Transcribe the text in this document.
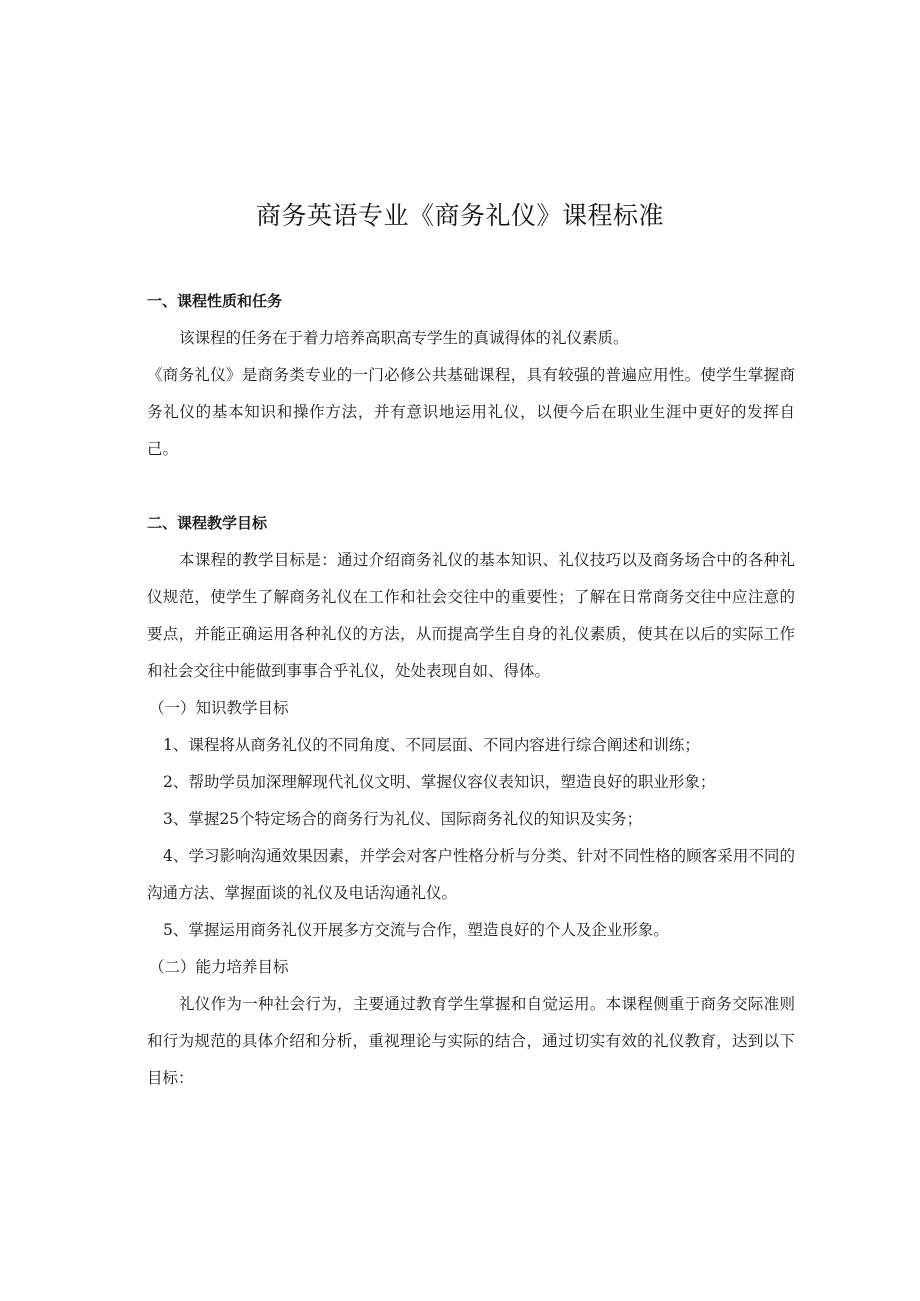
商务英语专业《商务礼仪》课程标准

一、课程性质和任务

该课程的任务在于着力培养高职高专学生的真诚得体的礼仪素质。

《商务礼仪》是商务类专业的一门必修公共基础课程，具有较强的普遍应用性。使学生掌握商务礼仪的基本知识和操作方法，并有意识地运用礼仪，以便今后在职业生涯中更好的发挥自己。

二、课程教学目标

本课程的教学目标是：通过介绍商务礼仪的基本知识、礼仪技巧以及商务场合中的各种礼仪规范，使学生了解商务礼仪在工作和社会交往中的重要性；了解在日常商务交往中应注意的要点，并能正确运用各种礼仪的方法，从而提高学生自身的礼仪素质，使其在以后的实际工作和社会交往中能做到事事合乎礼仪，处处表现自如、得体。

（一）知识教学目标

1、课程将从商务礼仪的不同角度、不同层面、不同内容进行综合阐述和训练；

2、帮助学员加深理解现代礼仪文明、掌握仪容仪表知识，塑造良好的职业形象；

3、掌握25个特定场合的商务行为礼仪、国际商务礼仪的知识及实务；

4、学习影响沟通效果因素，并学会对客户性格分析与分类、针对不同性格的顾客采用不同的沟通方法、掌握面谈的礼仪及电话沟通礼仪。

5、掌握运用商务礼仪开展多方交流与合作，塑造良好的个人及企业形象。

（二）能力培养目标

礼仪作为一种社会行为，主要通过教育学生掌握和自觉运用。本课程侧重于商务交际准则和行为规范的具体介绍和分析，重视理论与实际的结合，通过切实有效的礼仪教育，达到以下目标：
